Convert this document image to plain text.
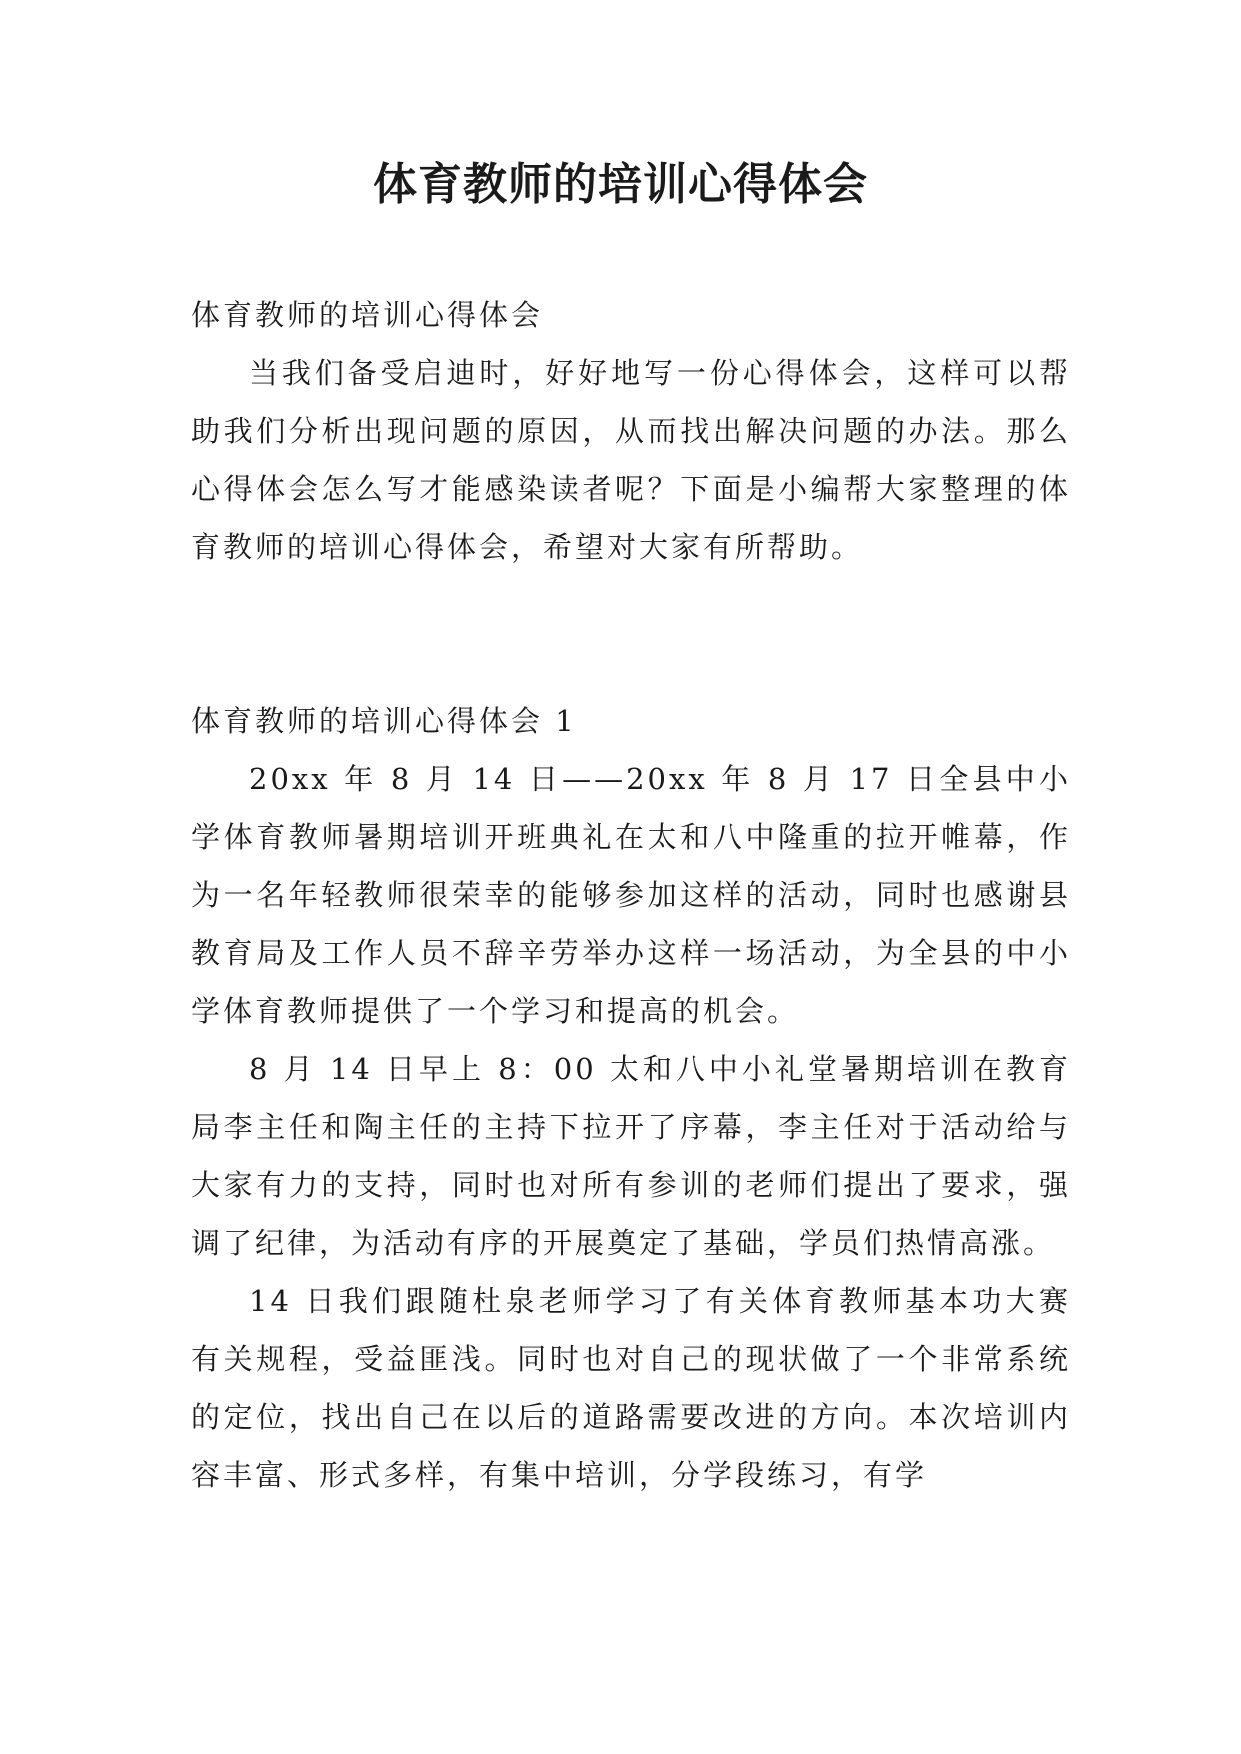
体育教师的培训心得体会

体育教师的培训心得体会

当我们备受启迪时，好好地写一份心得体会，这样可以帮助我们分析出现问题的原因，从而找出解决问题的办法。那么心得体会怎么写才能感染读者呢？下面是小编帮大家整理的体育教师的培训心得体会，希望对大家有所帮助。

体育教师的培训心得体会 1

20xx 年 8 月 14 日——20xx 年 8 月 17 日全县中小学体育教师暑期培训开班典礼在太和八中隆重的拉开帷幕，作为一名年轻教师很荣幸的能够参加这样的活动，同时也感谢县教育局及工作人员不辞辛劳举办这样一场活动，为全县的中小学体育教师提供了一个学习和提高的机会。

8 月 14 日早上 8：00 太和八中小礼堂暑期培训在教育局李主任和陶主任的主持下拉开了序幕，李主任对于活动给与大家有力的支持，同时也对所有参训的老师们提出了要求，强调了纪律，为活动有序的开展奠定了基础，学员们热情高涨。

14 日我们跟随杜泉老师学习了有关体育教师基本功大赛有关规程，受益匪浅。同时也对自己的现状做了一个非常系统的定位，找出自己在以后的道路需要改进的方向。本次培训内容丰富、形式多样，有集中培训，分学段练习，有学
